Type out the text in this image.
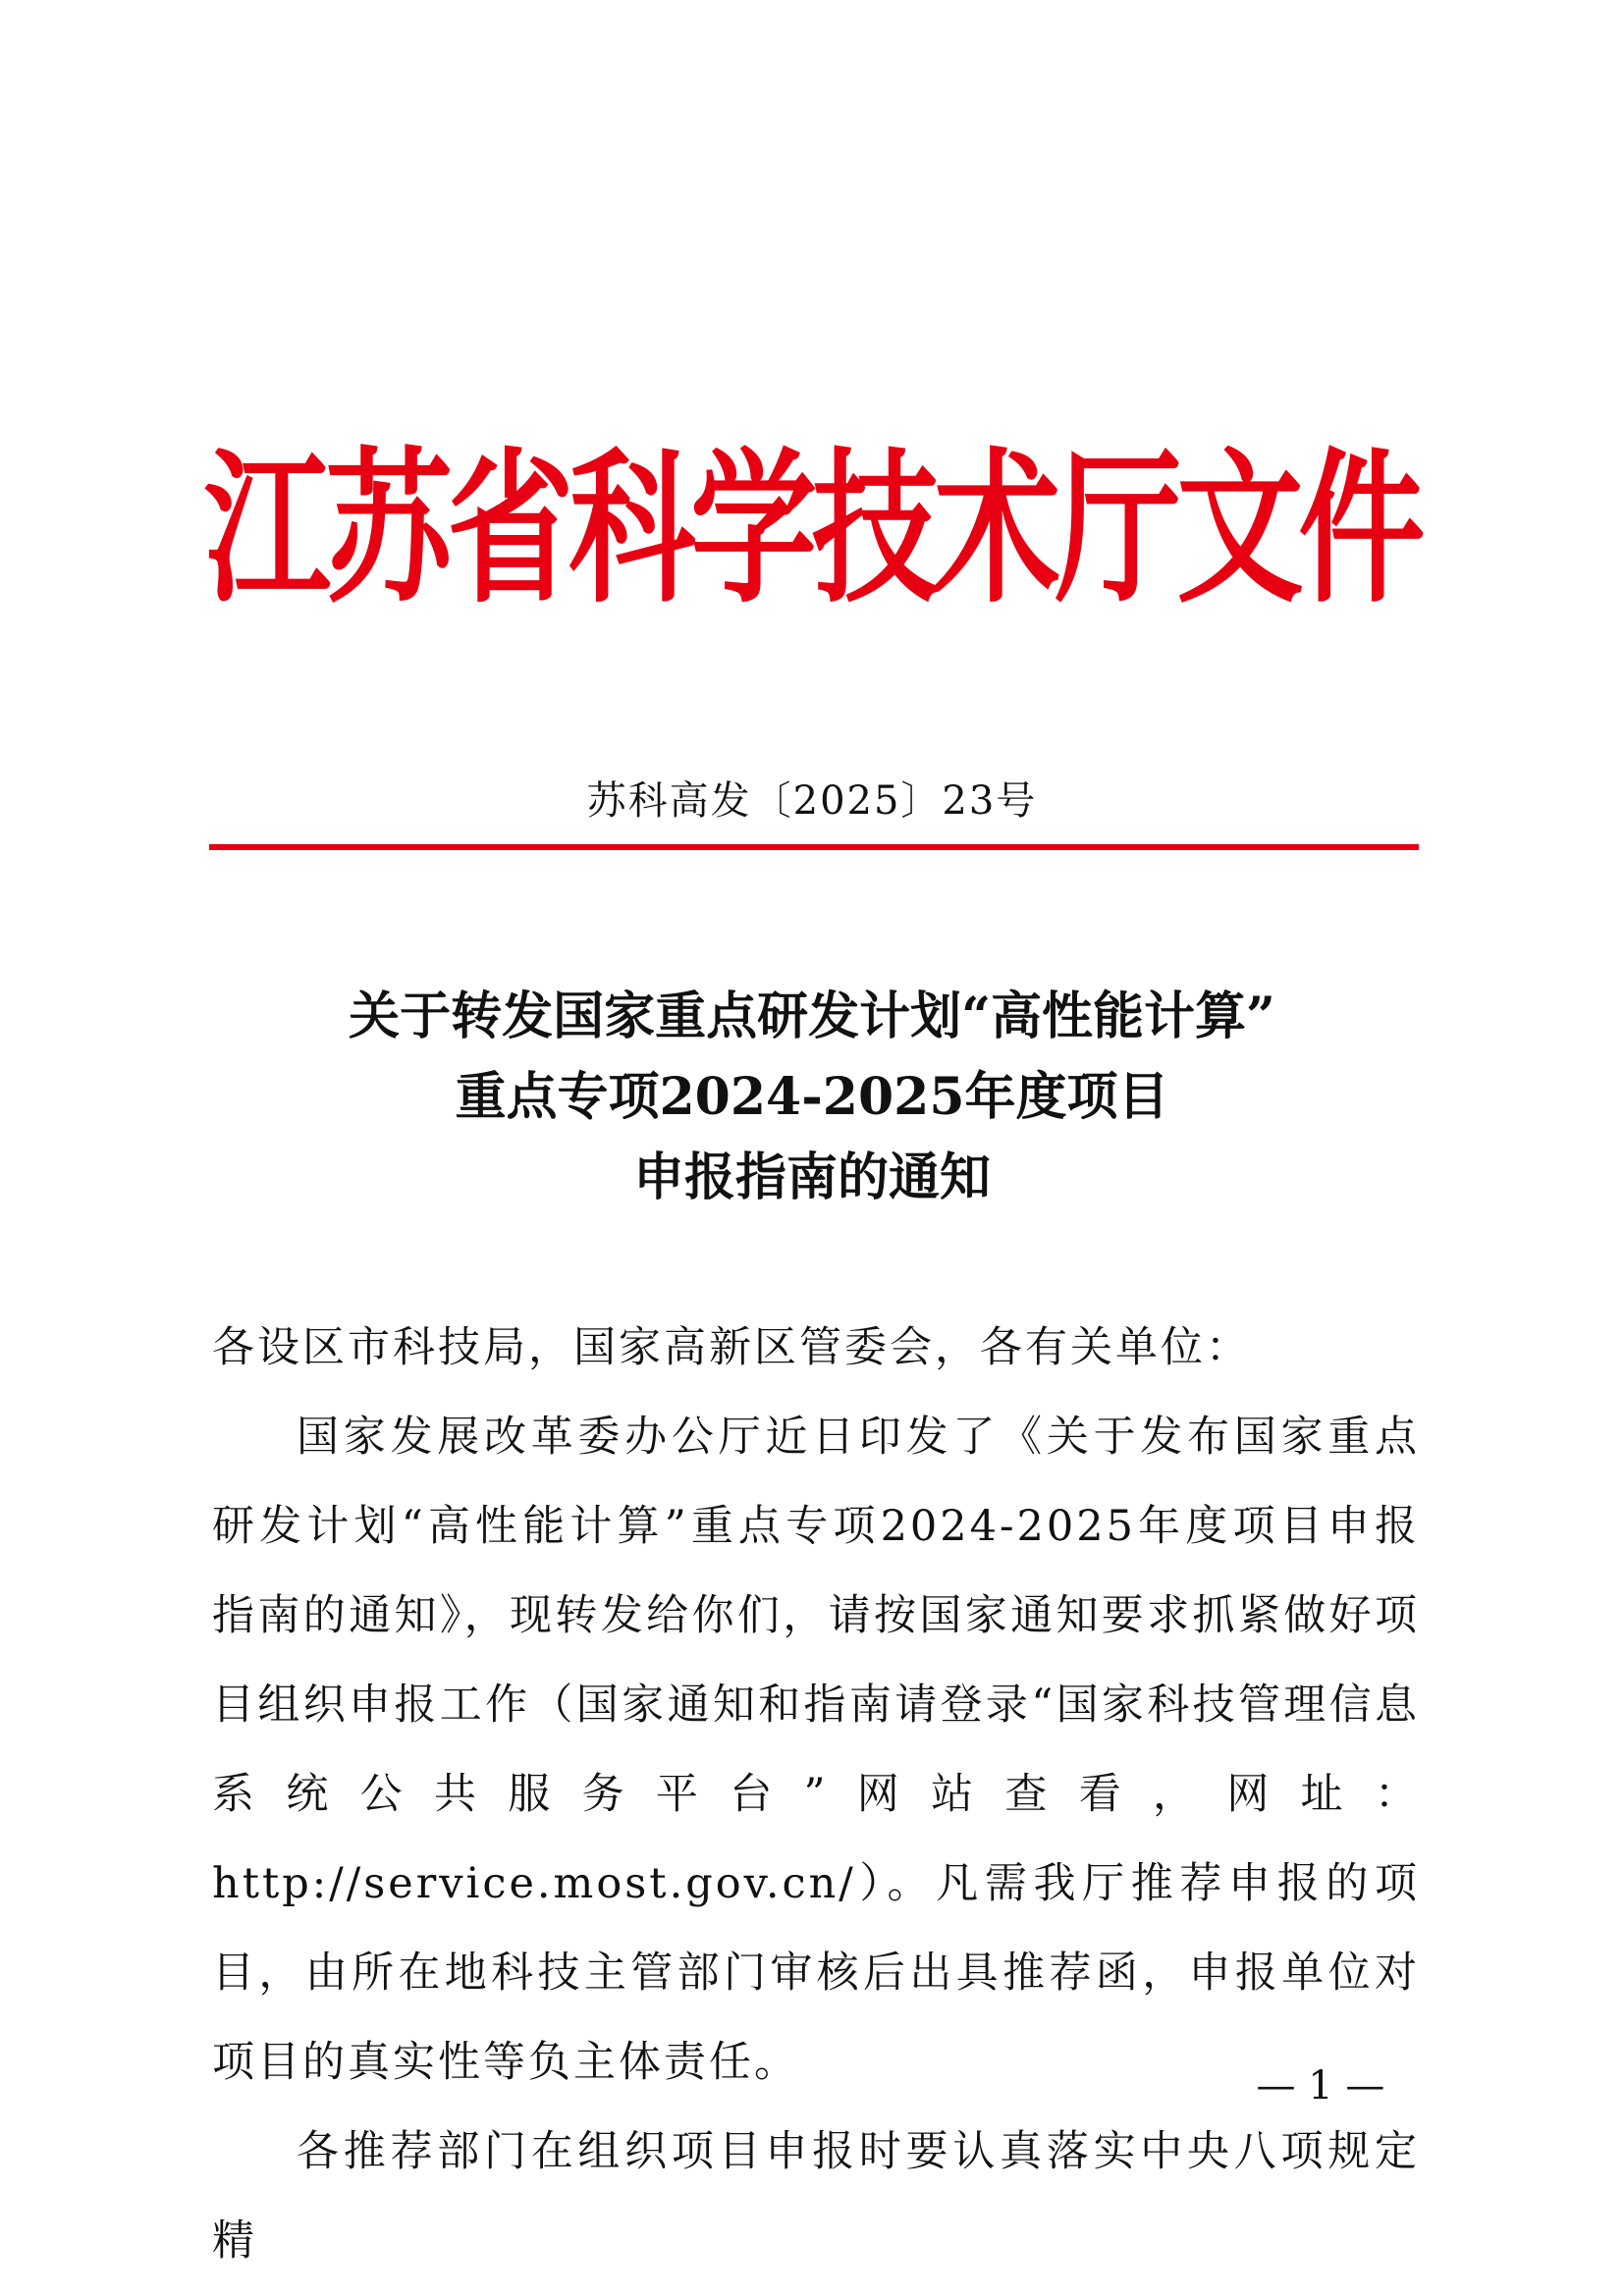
江苏省科学技术厅文件
苏科高发〔2025〕23号
关于转发国家重点研发计划“高性能计算”
重点专项2024-2025年度项目
申报指南的通知
各设区市科技局，国家高新区管委会，各有关单位：

国家发展改革委办公厅近日印发了《关于发布国家重点研发计划“高性能计算”重点专项2024-2025年度项目申报指南的通知》，现转发给你们，请按国家通知要求抓紧做好项目组织申报工作（国家通知和指南请登录“国家科技管理信息系统公共服务平台”网站查看，网址：http://service.most.gov.cn/）。凡需我厅推荐申报的项目，由所在地科技主管部门审核后出具推荐函，申报单位对项目的真实性等负主体责任。

各推荐部门在组织项目申报时要认真落实中央八项规定精

— 1 —
